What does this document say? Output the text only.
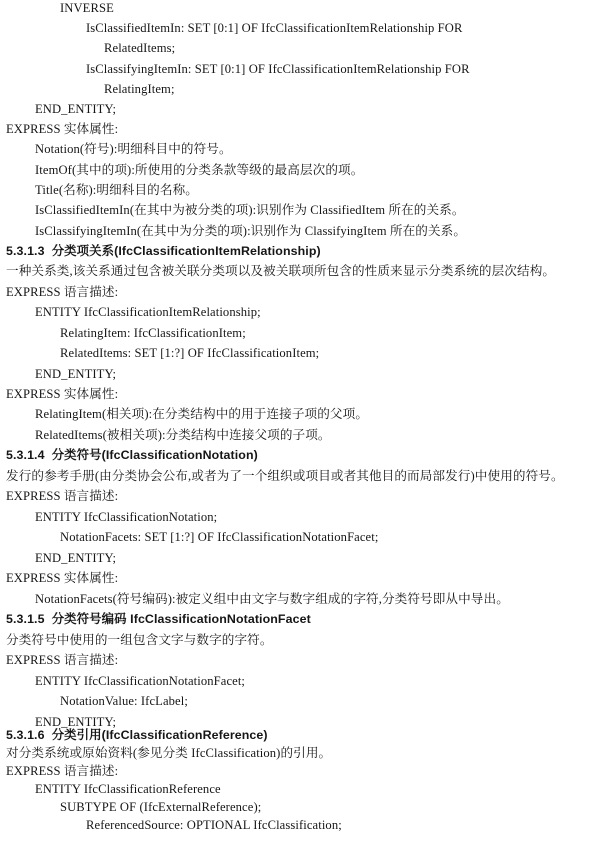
INVERSE
IsClassifiedItemIn: SET [0:1] OF IfcClassificationItemRelationship FOR
RelatedItems;
IsClassifyingItemIn: SET [0:1] OF IfcClassificationItemRelationship FOR
RelatingItem;
END_ENTITY;
EXPRESS 实体属性:
Notation(符号):明细科目中的符号。
ItemOf(其中的项):所使用的分类条款等级的最高层次的项。
Title(名称):明细科目的名称。
IsClassifiedItemIn(在其中为被分类的项):识别作为 ClassifiedItem 所在的关系。
IsClassifyingItemIn(在其中为分类的项):识别作为 ClassifyingItem 所在的关系。
5.3.1.3 分类项关系(IfcClassificationItemRelationship)
一种关系类,该关系通过包含被关联分类项以及被关联项所包含的性质来显示分类系统的层次结构。
EXPRESS 语言描述:
ENTITY IfcClassificationItemRelationship;
RelatingItem: IfcClassificationItem;
RelatedItems: SET [1:?] OF IfcClassificationItem;
END_ENTITY;
EXPRESS 实体属性:
RelatingItem(相关项):在分类结构中的用于连接子项的父项。
RelatedItems(被相关项):分类结构中连接父项的子项。
5.3.1.4 分类符号(IfcClassificationNotation)
发行的参考手册(由分类协会公布,或者为了一个组织或项目或者其他目的而局部发行)中使用的符号。
EXPRESS 语言描述:
ENTITY IfcClassificationNotation;
NotationFacets: SET [1:?] OF IfcClassificationNotationFacet;
END_ENTITY;
EXPRESS 实体属性:
NotationFacets(符号编码):被定义组中由文字与数字组成的字符,分类符号即从中导出。
5.3.1.5 分类符号编码 IfcClassificationNotationFacet
分类符号中使用的一组包含文字与数字的字符。
EXPRESS 语言描述:
ENTITY IfcClassificationNotationFacet;
NotationValue: IfcLabel;
END_ENTITY;
5.3.1.6 分类引用(IfcClassificationReference)
对分类系统或原始资料(参见分类 IfcClassification)的引用。
EXPRESS 语言描述:
ENTITY IfcClassificationReference
SUBTYPE OF (IfcExternalReference);
ReferencedSource: OPTIONAL IfcClassification;
